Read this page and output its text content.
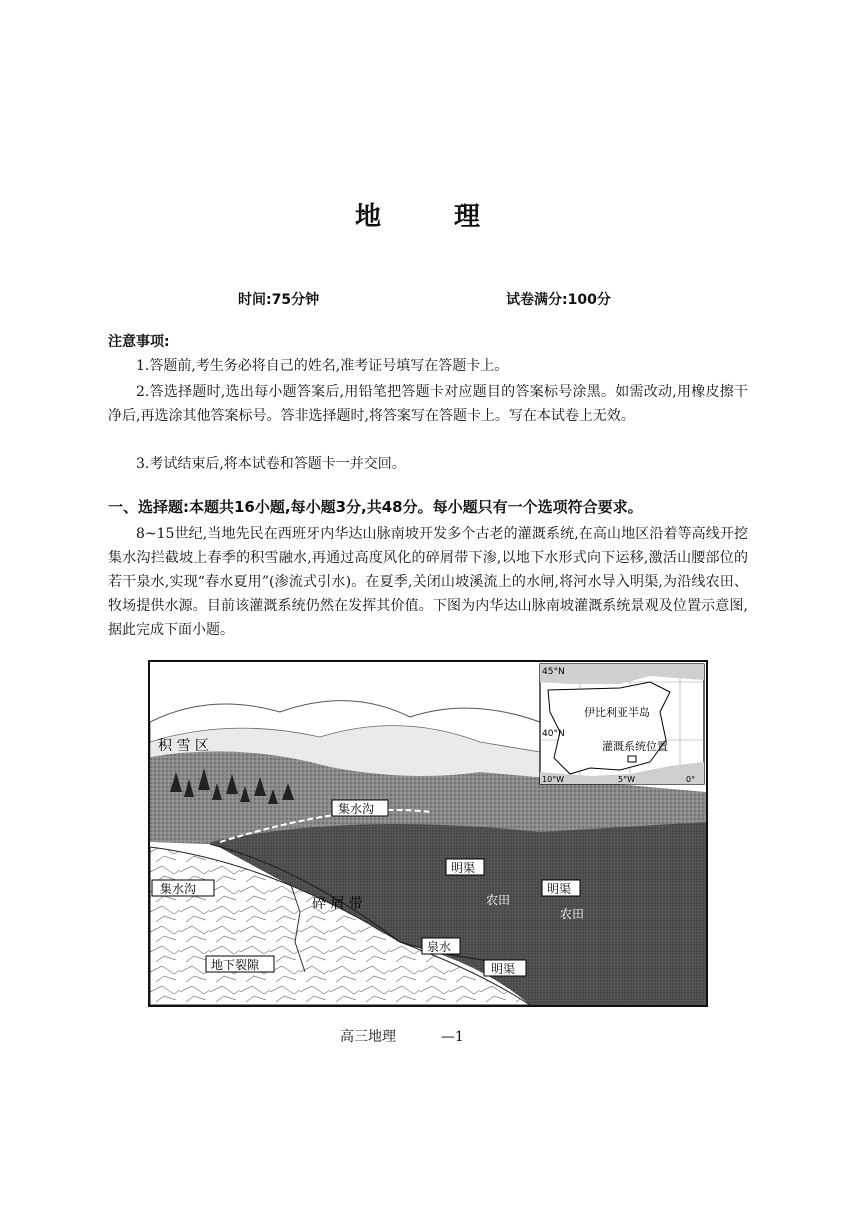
地 理
时间:75分钟	试卷满分:100分
注意事项:

1.答题前,考生务必将自己的姓名,准考证号填写在答题卡上。

2.答选择题时,选出每小题答案后,用铅笔把答题卡对应题目的答案标号涂黑。如需改动,用橡皮擦干净后,再选涂其他答案标号。答非选择题时,将答案写在答题卡上。写在本试卷上无效。

3.考试结束后,将本试卷和答题卡一并交回。

一、选择题:本题共16小题,每小题3分,共48分。每小题只有一个选项符合要求。

8~15世纪,当地先民在西班牙内华达山脉南坡开发多个古老的灌溉系统,在高山地区沿着等高线开挖集水沟拦截坡上春季的积雪融水,再通过高度风化的碎屑带下渗,以地下水形式向下运移,激活山腰部位的若干泉水,实现“春水夏用”(渗流式引水)。在夏季,关闭山坡溪流上的水闸,将河水导入明渠,为沿线农田、牧场提供水源。目前该灌溉系统仍然在发挥其价值。下图为内华达山脉南坡灌溉系统景观及位置示意图,据此完成下面小题。

积 雪 区
集水沟
集水沟
碎 屑 带
明渠
明渠
农田
农田
泉水
地下裂隙	明渠
45°N
40°N
10°W	5°W	0°
伊比利亚半岛
灌溉系统位置
高三地理	—1
